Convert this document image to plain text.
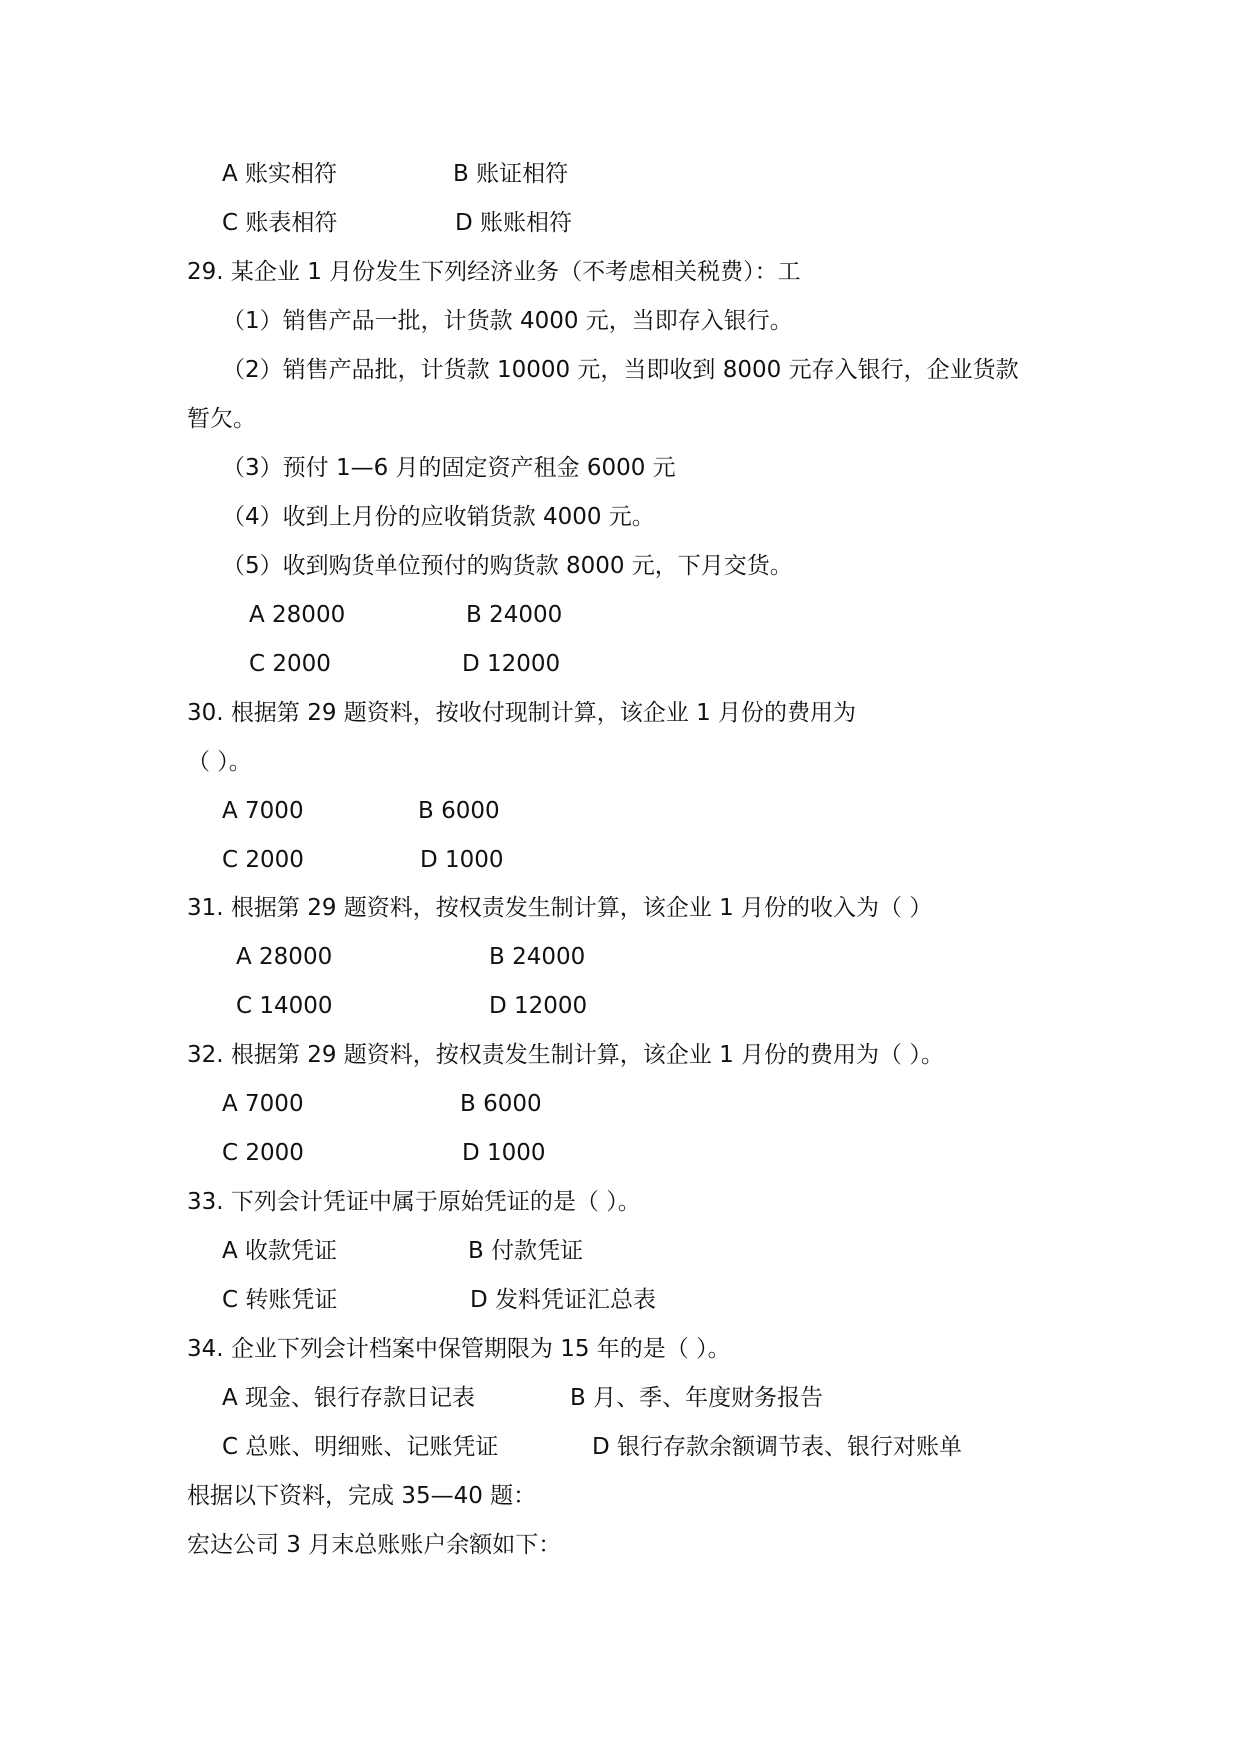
A 账实相符	B 账证相符
C 账表相符	D 账账相符
29. 某企业 1 月份发生下列经济业务（不考虑相关税费）：工
（1）销售产品一批，计货款 4000 元，当即存入银行。
（2）销售产品批，计货款 10000 元，当即收到 8000 元存入银行，企业货款
暂欠。
（3）预付 1—6 月的固定资产租金 6000 元
（4）收到上月份的应收销货款 4000 元。
（5）收到购货单位预付的购货款 8000 元，下月交货。
A 28000	B 24000
C 2000	D 12000
30. 根据第 29 题资料，按收付现制计算，该企业 1 月份的费用为
（ ）。
A 7000	B 6000
C 2000	D 1000
31. 根据第 29 题资料，按权责发生制计算，该企业 1 月份的收入为（ ）
A 28000	B 24000
C 14000	D 12000
32. 根据第 29 题资料，按权责发生制计算，该企业 1 月份的费用为（ ）。
A 7000	B 6000
C 2000	D 1000
33. 下列会计凭证中属于原始凭证的是（ ）。
A 收款凭证	B 付款凭证
C 转账凭证	D 发料凭证汇总表
34. 企业下列会计档案中保管期限为 15 年的是（ ）。
A 现金、银行存款日记表	B 月、季、年度财务报告
C 总账、明细账、记账凭证	D 银行存款余额调节表、银行对账单
根据以下资料，完成 35—40 题：
宏达公司 3 月末总账账户余额如下：
